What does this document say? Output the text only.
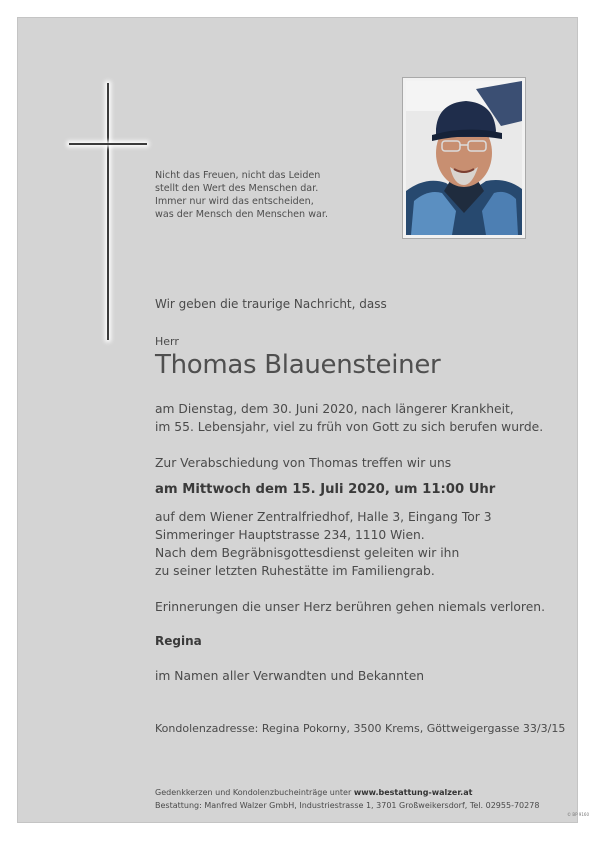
Nicht das Freuen, nicht das Leiden
stellt den Wert des Menschen dar.
Immer nur wird das entscheiden,
was der Mensch den Menschen war.
Wir geben die traurige Nachricht, dass
Herr
Thomas Blauensteiner
am Dienstag, dem 30. Juni 2020, nach längerer Krankheit,
im 55. Lebensjahr, viel zu früh von Gott zu sich berufen wurde.
Zur Verabschiedung von Thomas treffen wir uns
am Mittwoch dem 15. Juli 2020, um 11:00 Uhr
auf dem Wiener Zentralfriedhof, Halle 3, Eingang Tor 3
Simmeringer Hauptstrasse 234, 1110 Wien.
Nach dem Begräbnisgottesdienst geleiten wir ihn
zu seiner letzten Ruhestätte im Familiengrab.
Erinnerungen die unser Herz berühren gehen niemals verloren.
Regina
im Namen aller Verwandten und Bekannten
Kondolenzadresse: Regina Pokorny, 3500 Krems, Göttweigergasse 33/3/15
Gedenkkerzen und Kondolenzbucheinträge unter www.bestattung-walzer.at
Bestattung: Manfred Walzer GmbH, Industriestrasse 1, 3701 Großweikersdorf, Tel. 02955-70278
© BP 9160
